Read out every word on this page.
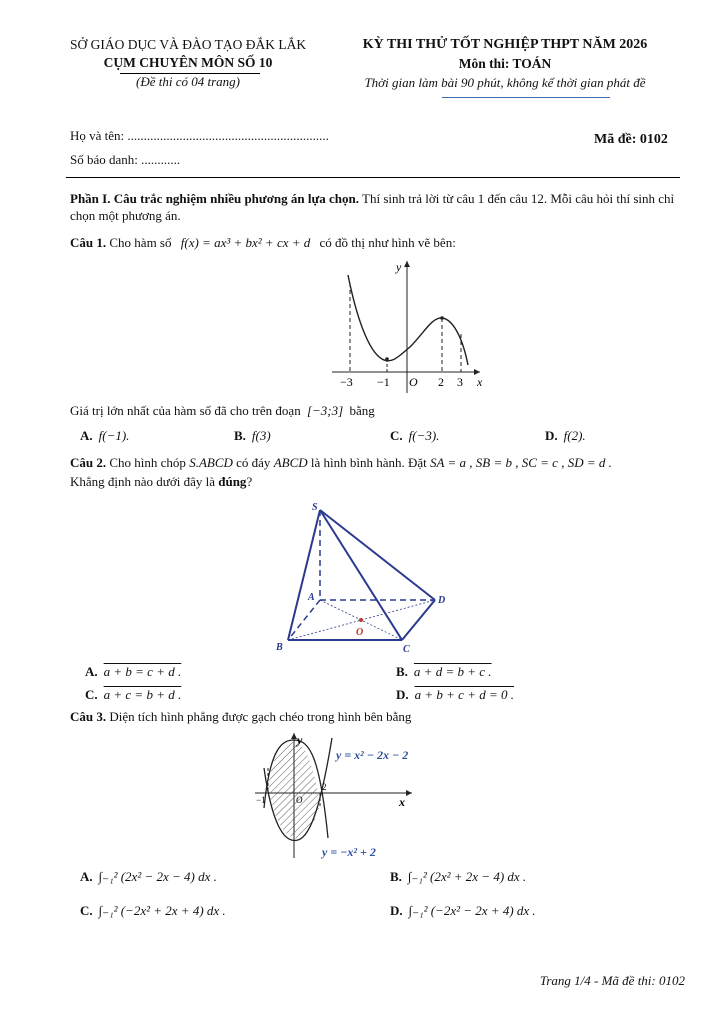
SỞ GIÁO DỤC VÀ ĐÀO TẠO ĐẮK LẮK
CỤM CHUYÊN MÔN SỐ 10
(Đề thi có 04 trang)
KỲ THI THỬ TỐT NGHIỆP THPT NĂM 2026
Môn thi: TOÁN
Thời gian làm bài 90 phút, không kể thời gian phát đề
Họ và tên: ..............................................................	Mã đề: 0102
Số báo danh: ............
Phần I. Câu trắc nghiệm nhiều phương án lựa chọn. Thí sinh trả lời từ câu 1 đến câu 12. Mỗi câu hỏi thí sinh chỉ chọn một phương án.
Câu 1. Cho hàm số f(x) = ax³ + bx² + cx + d có đồ thị như hình vẽ bên:
−3 −1 O 2 3 x
y
Giá trị lớn nhất của hàm số đã cho trên đoạn [−3;3] bằng
A. f(−1).	B. f(3)	C. f(−3).	D. f(2).
Câu 2. Cho hình chóp S.ABCD có đáy ABCD là hình bình hành. Đặt SA = a , SB = b , SC = c , SD = d .
Khẳng định nào dưới đây là đúng?
S
A
B	C
D
O
A. a + b = c + d .	B. a + d = b + c .
C. a + c = b + d .	D. a + b + c + d = 0 .
Câu 3. Diện tích hình phẳng được gạch chéo trong hình bên bằng
y
x
−1	O
2
y = x² − 2x − 2
y = −x² + 2
A. ∫₋₁² (2x² − 2x − 4) dx .	B. ∫₋₁² (2x² + 2x − 4) dx .
C. ∫₋₁² (−2x² + 2x + 4) dx .	D. ∫₋₁² (−2x² − 2x + 4) dx .
Trang 1/4 - Mã đề thi: 0102
